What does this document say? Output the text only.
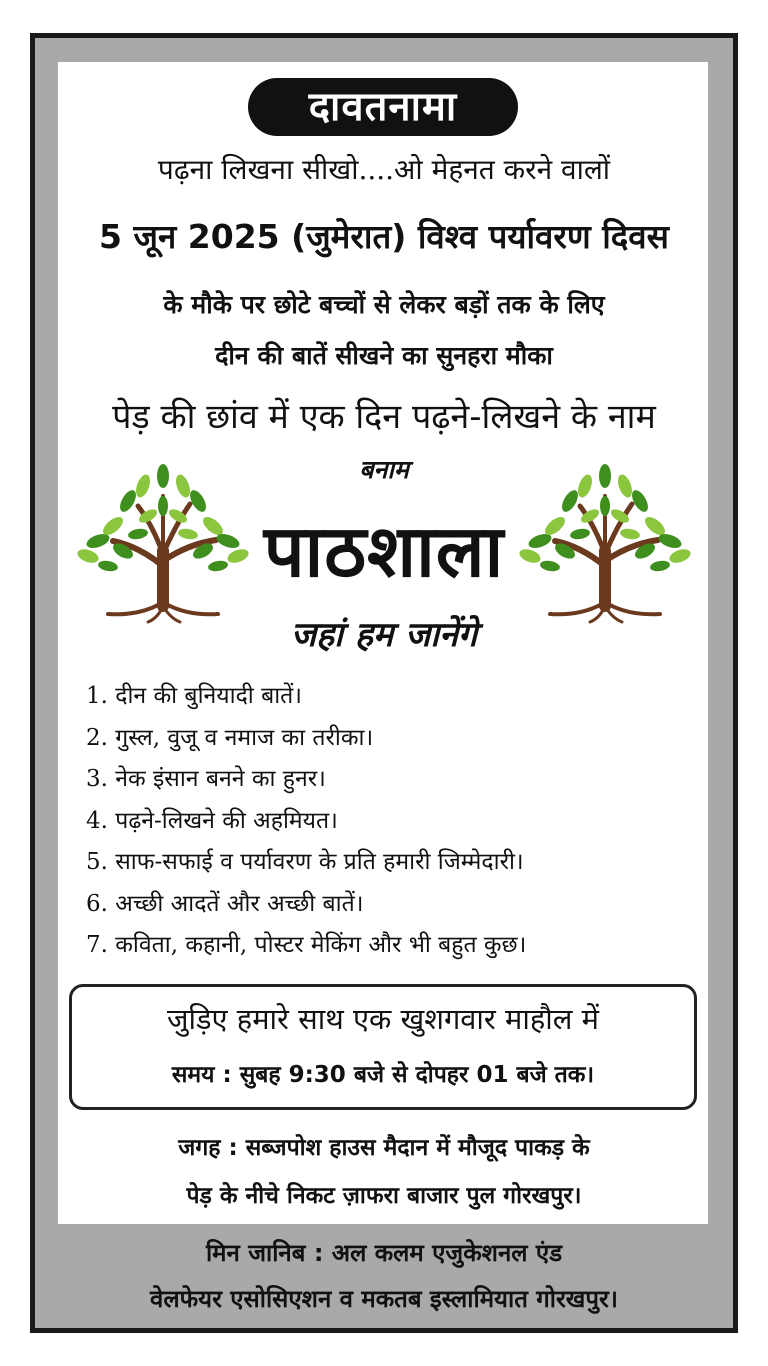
दावतनामा
पढ़ना लिखना सीखो....ओ मेहनत करने वालों
5 जून 2025 (जुमेरात) विश्व पर्यावरण दिवस
के मौके पर छोटे बच्चों से लेकर बड़ों तक के लिए
दीन की बातें सीखने का सुनहरा मौका
पेड़ की छांव में एक दिन पढ़ने-लिखने के नाम
बनाम
पाठशाला
जहां हम जानेंगे
1. दीन की बुनियादी बातें।
2. गुस्ल, वुजू व नमाज का तरीका।
3. नेक इंसान बनने का हुनर।
4. पढ़ने-लिखने की अहमियत।
5. साफ-सफाई व पर्यावरण के प्रति हमारी जिम्मेदारी।
6. अच्छी आदतें और अच्छी बातें।
7. कविता, कहानी, पोस्टर मेकिंग और भी बहुत कुछ।
जुड़िए हमारे साथ एक खुशगवार माहौल में
समय : सुबह 9:30 बजे से दोपहर 01 बजे तक।
जगह : सब्जपोश हाउस मैदान में मौजूद पाकड़ के
पेड़ के नीचे निकट ज़ाफरा बाजार पुल गोरखपुर।
मिन जानिब : अल कलम एजुकेशनल एंड
वेलफेयर एसोसिएशन व मकतब इस्लामियात गोरखपुर।
